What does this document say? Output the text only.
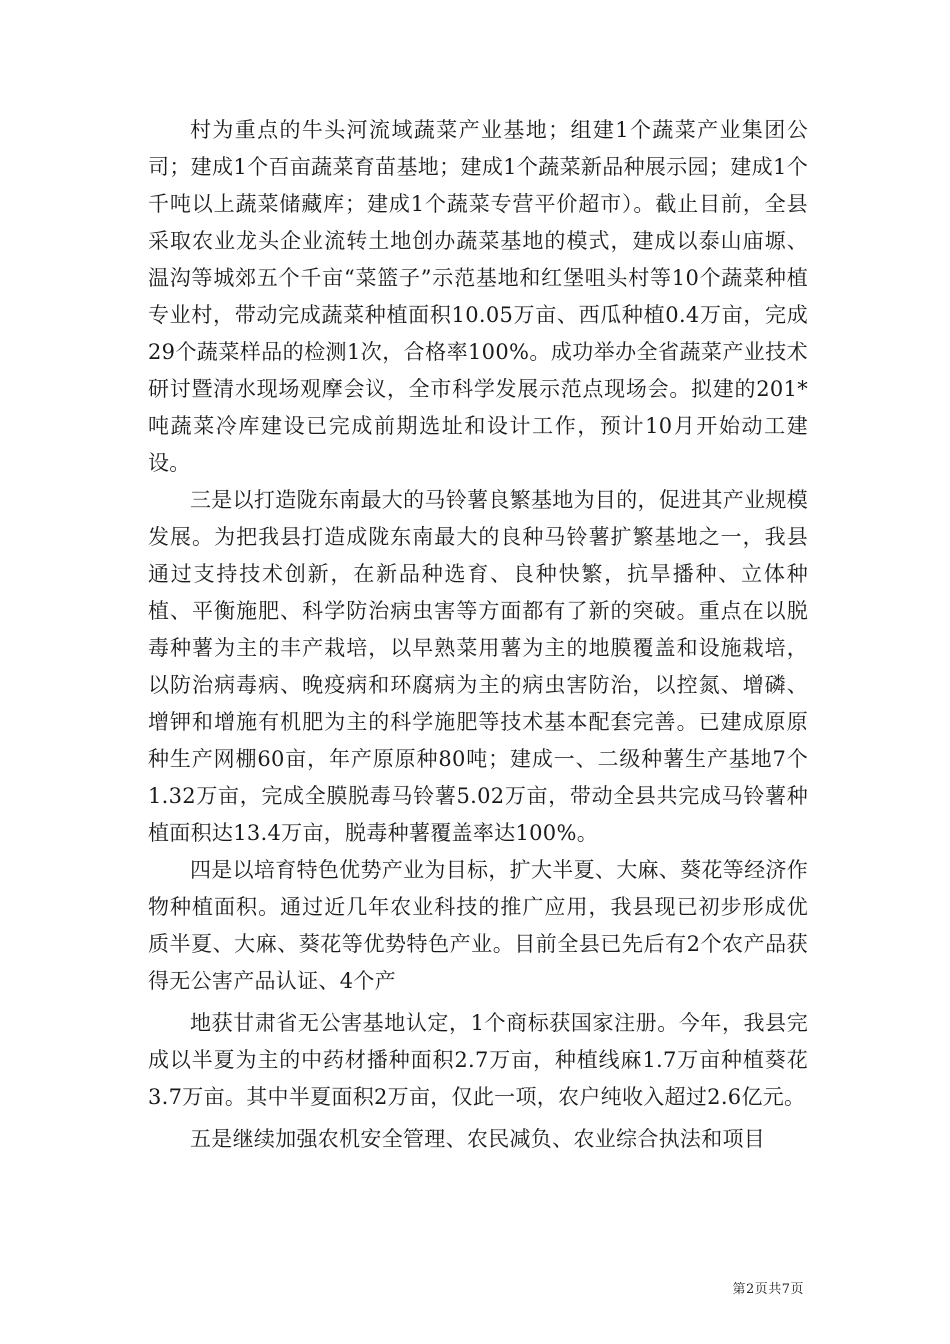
村为重点的牛头河流域蔬菜产业基地；组建1个蔬菜产业集团公司；建成1个百亩蔬菜育苗基地；建成1个蔬菜新品种展示园；建成1个千吨以上蔬菜储藏库；建成1个蔬菜专营平价超市）。截止目前，全县采取农业龙头企业流转土地创办蔬菜基地的模式，建成以泰山庙塬、温沟等城郊五个千亩“菜篮子”示范基地和红堡咀头村等10个蔬菜种植专业村，带动完成蔬菜种植面积10.05万亩、西瓜种植0.4万亩，完成29个蔬菜样品的检测1次，合格率100%。成功举办全省蔬菜产业技术研讨暨清水现场观摩会议，全市科学发展示范点现场会。拟建的201*吨蔬菜冷库建设已完成前期选址和设计工作，预计10月开始动工建设。

三是以打造陇东南最大的马铃薯良繁基地为目的，促进其产业规模发展。为把我县打造成陇东南最大的良种马铃薯扩繁基地之一，我县通过支持技术创新，在新品种选育、良种快繁，抗旱播种、立体种植、平衡施肥、科学防治病虫害等方面都有了新的突破。重点在以脱毒种薯为主的丰产栽培，以早熟菜用薯为主的地膜覆盖和设施栽培，以防治病毒病、晚疫病和环腐病为主的病虫害防治，以控氮、增磷、增钾和增施有机肥为主的科学施肥等技术基本配套完善。已建成原原种生产网棚60亩，年产原原种80吨；建成一、二级种薯生产基地7个1.32万亩，完成全膜脱毒马铃薯5.02万亩，带动全县共完成马铃薯种植面积达13.4万亩，脱毒种薯覆盖率达100%。

四是以培育特色优势产业为目标，扩大半夏、大麻、葵花等经济作物种植面积。通过近几年农业科技的推广应用，我县现已初步形成优质半夏、大麻、葵花等优势特色产业。目前全县已先后有2个农产品获得无公害产品认证、4个产

地获甘肃省无公害基地认定，1个商标获国家注册。今年，我县完成以半夏为主的中药材播种面积2.7万亩，种植线麻1.7万亩种植葵花3.7万亩。其中半夏面积2万亩，仅此一项，农户纯收入超过2.6亿元。

五是继续加强农机安全管理、农民减负、农业综合执法和项目

第2页共7页
